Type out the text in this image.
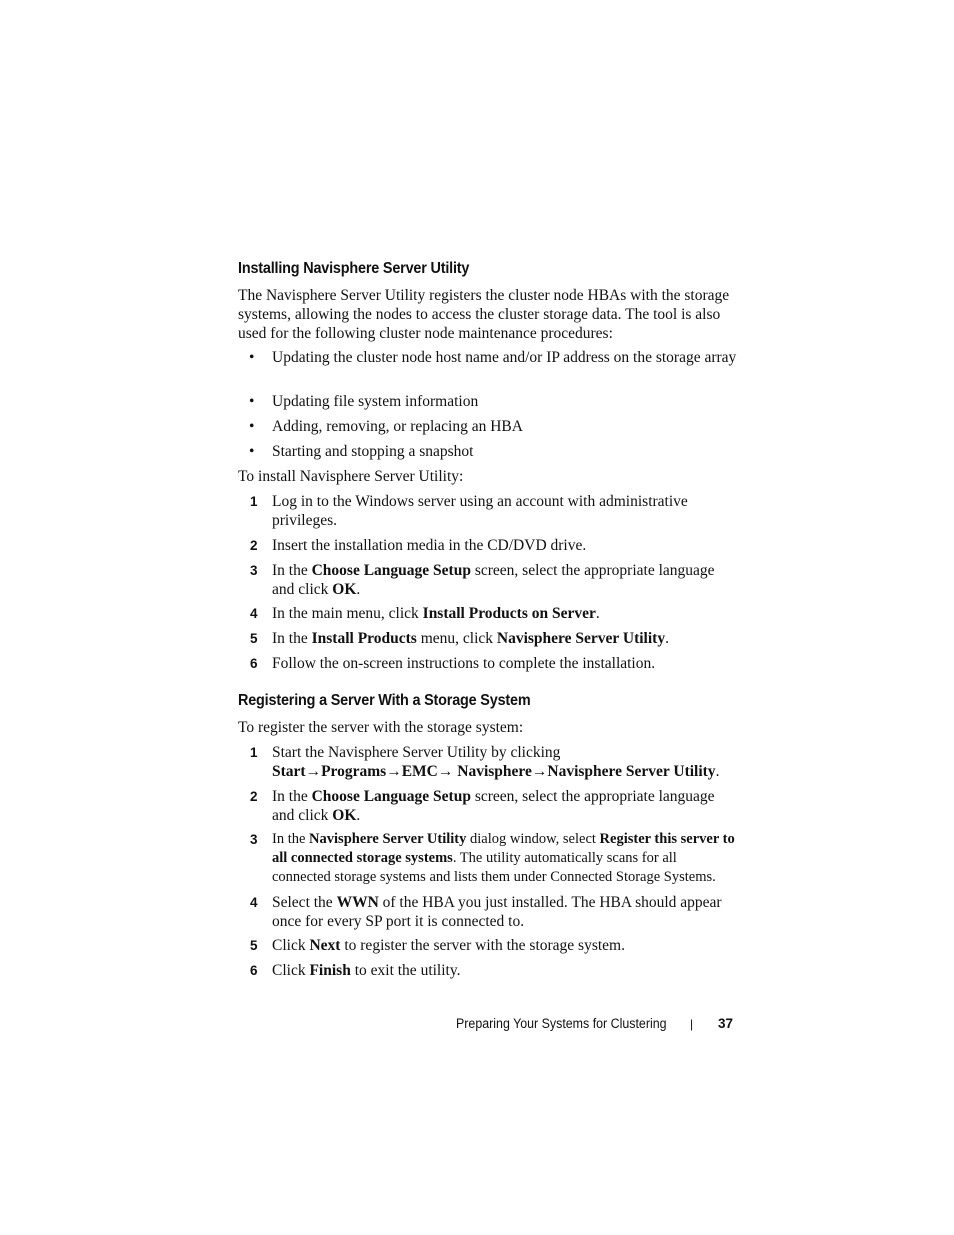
Installing Navisphere Server Utility
The Navisphere Server Utility registers the cluster node HBAs with the storage systems, allowing the nodes to access the cluster storage data. The tool is also used for the following cluster node maintenance procedures:
• Updating the cluster node host name and/or IP address on the storage array
• Updating file system information
• Adding, removing, or replacing an HBA
• Starting and stopping a snapshot
To install Navisphere Server Utility:
1 Log in to the Windows server using an account with administrative privileges.
2 Insert the installation media in the CD/DVD drive.
3 In the Choose Language Setup screen, select the appropriate language and click OK.
4 In the main menu, click Install Products on Server.
5 In the Install Products menu, click Navisphere Server Utility.
6 Follow the on-screen instructions to complete the installation.
Registering a Server With a Storage System
To register the server with the storage system:
1 Start the Navisphere Server Utility by clicking Start→Programs→EMC→ Navisphere→Navisphere Server Utility.
2 In the Choose Language Setup screen, select the appropriate language and click OK.
3 In the Navisphere Server Utility dialog window, select Register this server to all connected storage systems. The utility automatically scans for all connected storage systems and lists them under Connected Storage Systems.
4 Select the WWN of the HBA you just installed. The HBA should appear once for every SP port it is connected to.
5 Click Next to register the server with the storage system.
6 Click Finish to exit the utility.
Preparing Your Systems for Clustering | 37
